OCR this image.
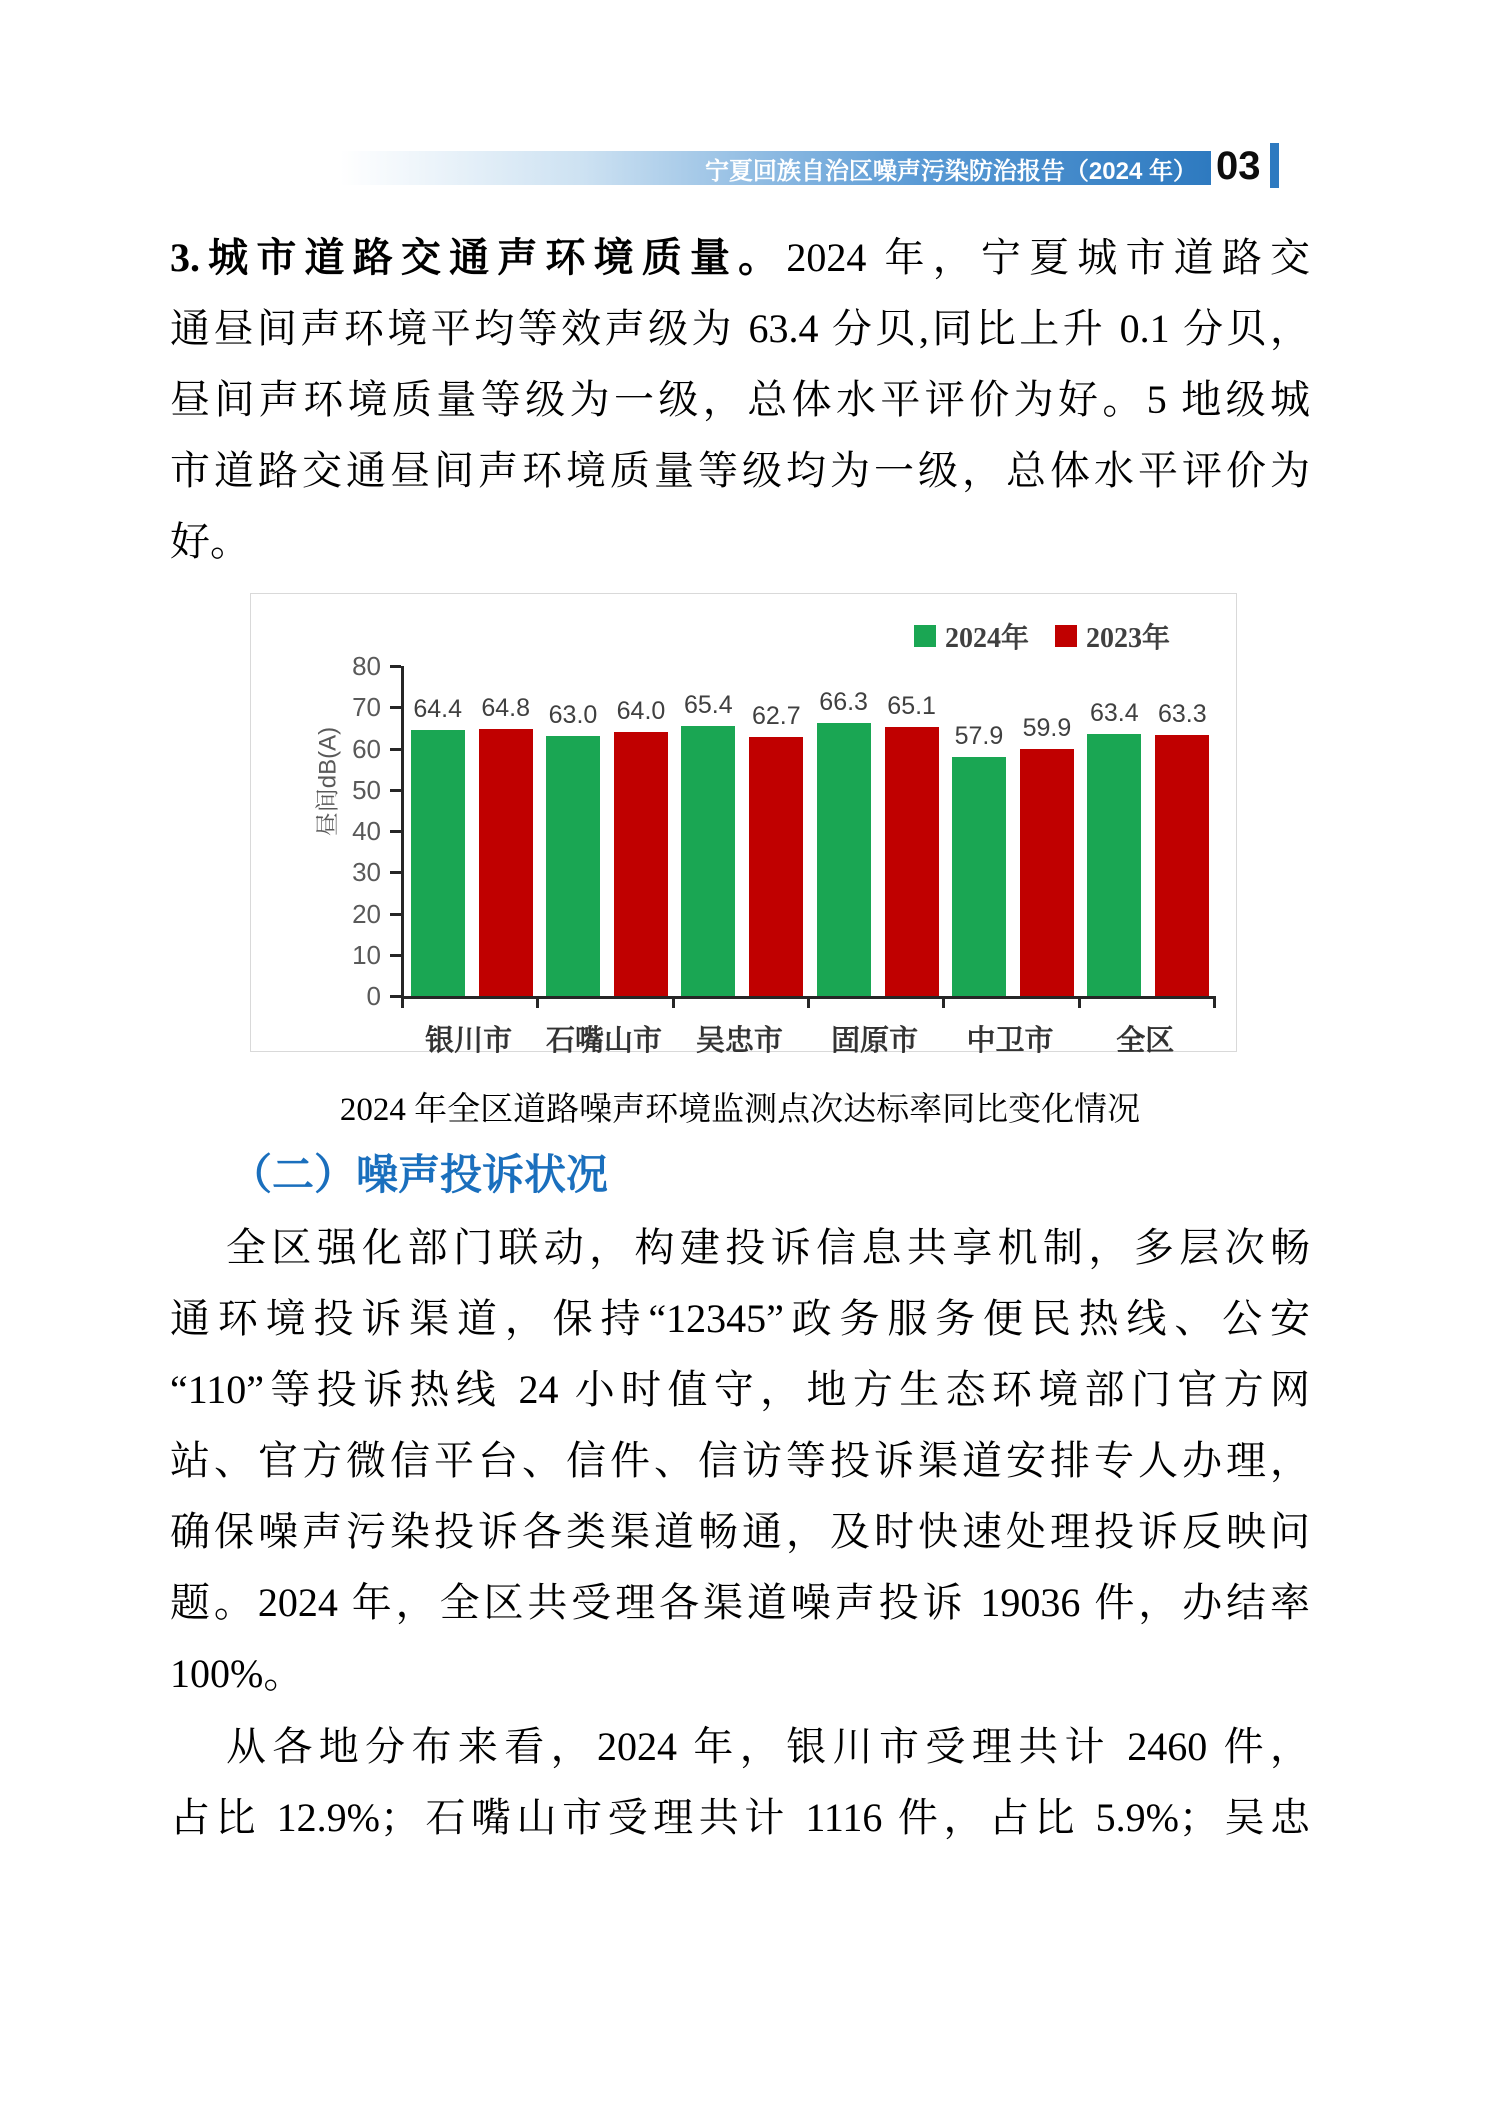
宁夏回族自治区噪声污染防治报告（2024 年） 03
3.城市道路交通声环境质量。2024 年，宁夏城市道路交
通昼间声环境平均等效声级为 63.4 分贝,同比上升 0.1 分贝，
昼间声环境质量等级为一级，总体水平评价为好。5 地级城
市道路交通昼间声环境质量等级均为一级，总体水平评价为
好。
2024年 2023年
昼间dB(A)
64.4 64.8 63.0 64.0 65.4 62.7
66.3 65.1
57.9 59.9
63.4 63.3
银川市	石嘴山市	吴忠市	固原市	中卫市	全区
0
10
20
30
40
50
60
70
80
2024 年全区道路噪声环境监测点次达标率同比变化情况
（二）噪声投诉状况
全区强化部门联动，构建投诉信息共享机制，多层次畅
通环境投诉渠道，保持“12345”政务服务便民热线、公安
“110”等投诉热线 24 小时值守，地方生态环境部门官方网
站、官方微信平台、信件、信访等投诉渠道安排专人办理，
确保噪声污染投诉各类渠道畅通，及时快速处理投诉反映问
题。2024 年，全区共受理各渠道噪声投诉 19036 件，办结率
100%。
从各地分布来看，2024 年，银川市受理共计 2460 件，
占比 12.9%；石嘴山市受理共计 1116 件，占比 5.9%；吴忠
